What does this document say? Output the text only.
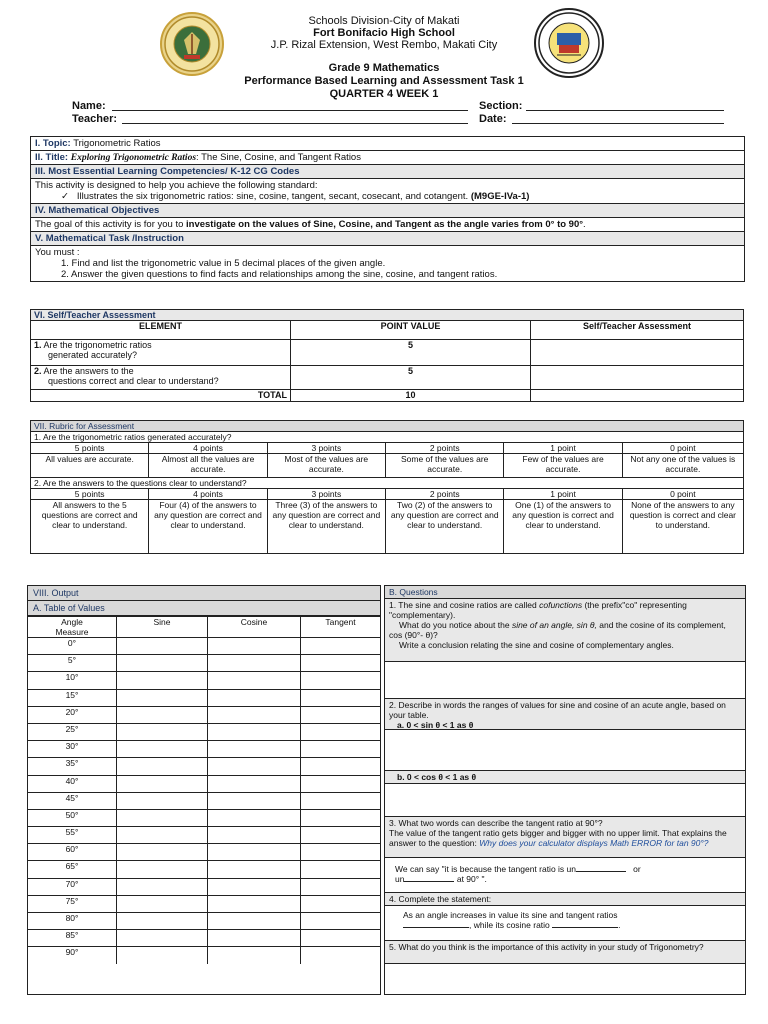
Schools Division-City of Makati
Fort Bonifacio High School
J.P. Rizal Extension, West Rembo, Makati City
Grade 9 Mathematics
Performance Based Learning and Assessment Task 1
QUARTER 4 WEEK 1
Name:
Teacher:
Section:
Date:
I. Topic: Trigonometric Ratios
II. Title: Exploring Trigonometric Ratios: The Sine, Cosine, and Tangent Ratios
III. Most Essential Learning Competencies/ K-12 CG Codes
This activity is designed to help you achieve the following standard:
✓ Illustrates the six trigonometric ratios: sine, cosine, tangent, secant, cosecant, and cotangent. (M9GE-IVa-1)
IV. Mathematical Objectives
The goal of this activity is for you to investigate on the values of Sine, Cosine, and Tangent as the angle varies from 0° to 90°.
V. Mathematical Task /Instruction
You must :
1. Find and list the trigonometric value in 5 decimal places of the given angle.
2. Answer the given questions to find facts and relationships among the sine, cosine, and tangent ratios.
VI. Self/Teacher Assessment		
ELEMENT	POINT VALUE	Self/Teacher Assessment
1. Are the trigonometric ratios
generated accurately?	5	
2. Are the answers to the
questions correct and clear to understand?	5	
TOTAL	10	
VII. Rubric for Assessment					
1. Are the trigonometric ratios generated accurately?					
5 points	4 points	3 points	2 points	1 point	0 point
All values are accurate.	Almost all the values are accurate.	Most of the values are accurate.	Some of the values are accurate.	Few of the values are accurate.	Not any one of the values is accurate.
2. Are the answers to the questions clear to understand?					
5 points	4 points	3 points	2 points	1 point	0 point
All answers to the 5 questions are correct and clear to understand.	Four (4) of the answers to any question are correct and clear to understand.	Three (3) of the answers to any question are correct and clear to understand.	Two (2) of the answers to any question are correct and clear to understand.	One (1) of the answers to any question is correct and clear to understand.	None of the answers to any question is correct and clear to understand.
VIII. Output
A. Table of Values
Angle
Measure	Sine	Cosine	Tangent
0°			
5°			
10°			
15°			
20°			
25°			
30°			
35°			
40°			
45°			
50°			
55°			
60°			
65°			
70°			
75°			
80°			
85°			
90°			
B. Questions
1. The sine and cosine ratios are called cofunctions (the prefix"co" representing "complementary).
What do you notice about the sine of an angle, sin θ, and the cosine of its complement, cos (90°- θ)?
Write a conclusion relating the sine and cosine of complementary angles.
2. Describe in words the ranges of values for sine and cosine of an acute angle, based on your table.
a. 0 < sin θ < 1 as θ
b. 0 < cos θ < 1 as θ
3. What two words can describe the tangent ratio at 90°?
The value of the tangent ratio gets bigger and bigger with no upper limit. That explains the answer to the question: Why does your calculator displays Math ERROR for tan 90°?
We can say "it is because the tangent ratio is un	or
un	at 90° ".
4. Complete the statement:
As an angle increases in value its sine and tangent ratios
, while its cosine ratio	.
5. What do you think is the importance of this activity in your study of Trigonometry?
